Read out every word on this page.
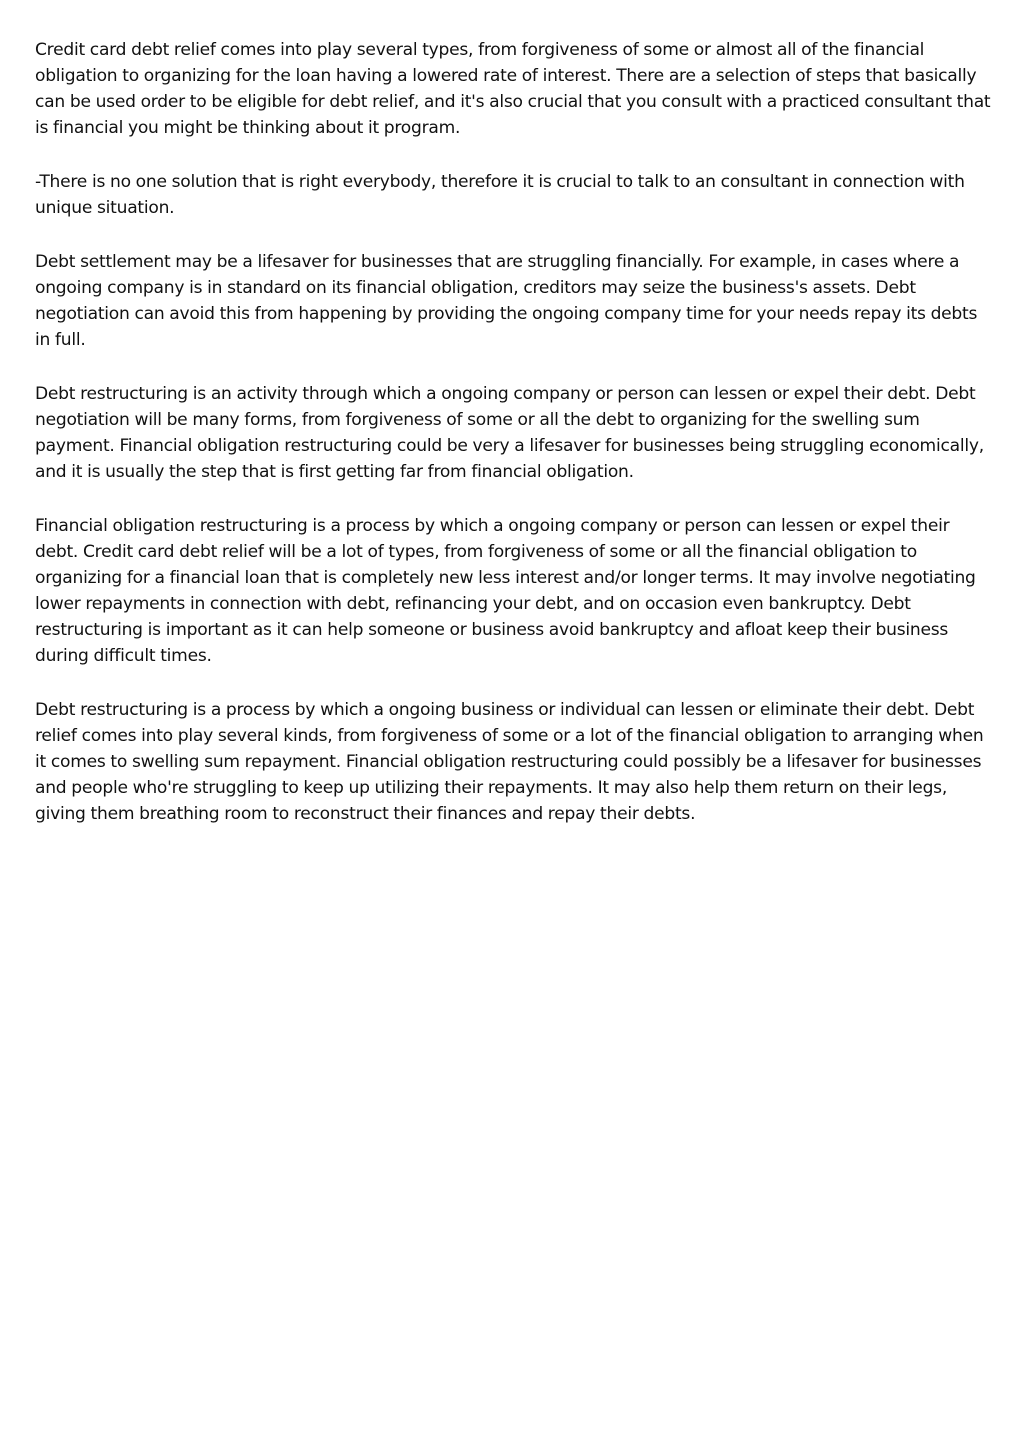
Credit card debt relief comes into play several types, from forgiveness of some or almost all of the financial obligation to organizing for the loan having a lowered rate of interest. There are a selection of steps that basically can be used order to be eligible for debt relief, and it's also crucial that you consult with a practiced consultant that is financial you might be thinking about it program.

-There is no one solution that is right everybody, therefore it is crucial to talk to an consultant in connection with unique situation.

Debt settlement may be a lifesaver for businesses that are struggling financially. For example, in cases where a ongoing company is in standard on its financial obligation, creditors may seize the business's assets. Debt negotiation can avoid this from happening by providing the ongoing company time for your needs repay its debts in full.

Debt restructuring is an activity through which a ongoing company or person can lessen or expel their debt. Debt negotiation will be many forms, from forgiveness of some or all the debt to organizing for the swelling sum payment. Financial obligation restructuring could be very a lifesaver for businesses being struggling economically, and it is usually the step that is first getting far from financial obligation.

Financial obligation restructuring is a process by which a ongoing company or person can lessen or expel their debt. Credit card debt relief will be a lot of types, from forgiveness of some or all the financial obligation to organizing for a financial loan that is completely new less interest and/or longer terms. It may involve negotiating lower repayments in connection with debt, refinancing your debt, and on occasion even bankruptcy. Debt restructuring is important as it can help someone or business avoid bankruptcy and afloat keep their business during difficult times.

Debt restructuring is a process by which a ongoing business or individual can lessen or eliminate their debt. Debt relief comes into play several kinds, from forgiveness of some or a lot of the financial obligation to arranging when it comes to swelling sum repayment. Financial obligation restructuring could possibly be a lifesaver for businesses and people who're struggling to keep up utilizing their repayments. It may also help them return on their legs, giving them breathing room to reconstruct their finances and repay their debts.
